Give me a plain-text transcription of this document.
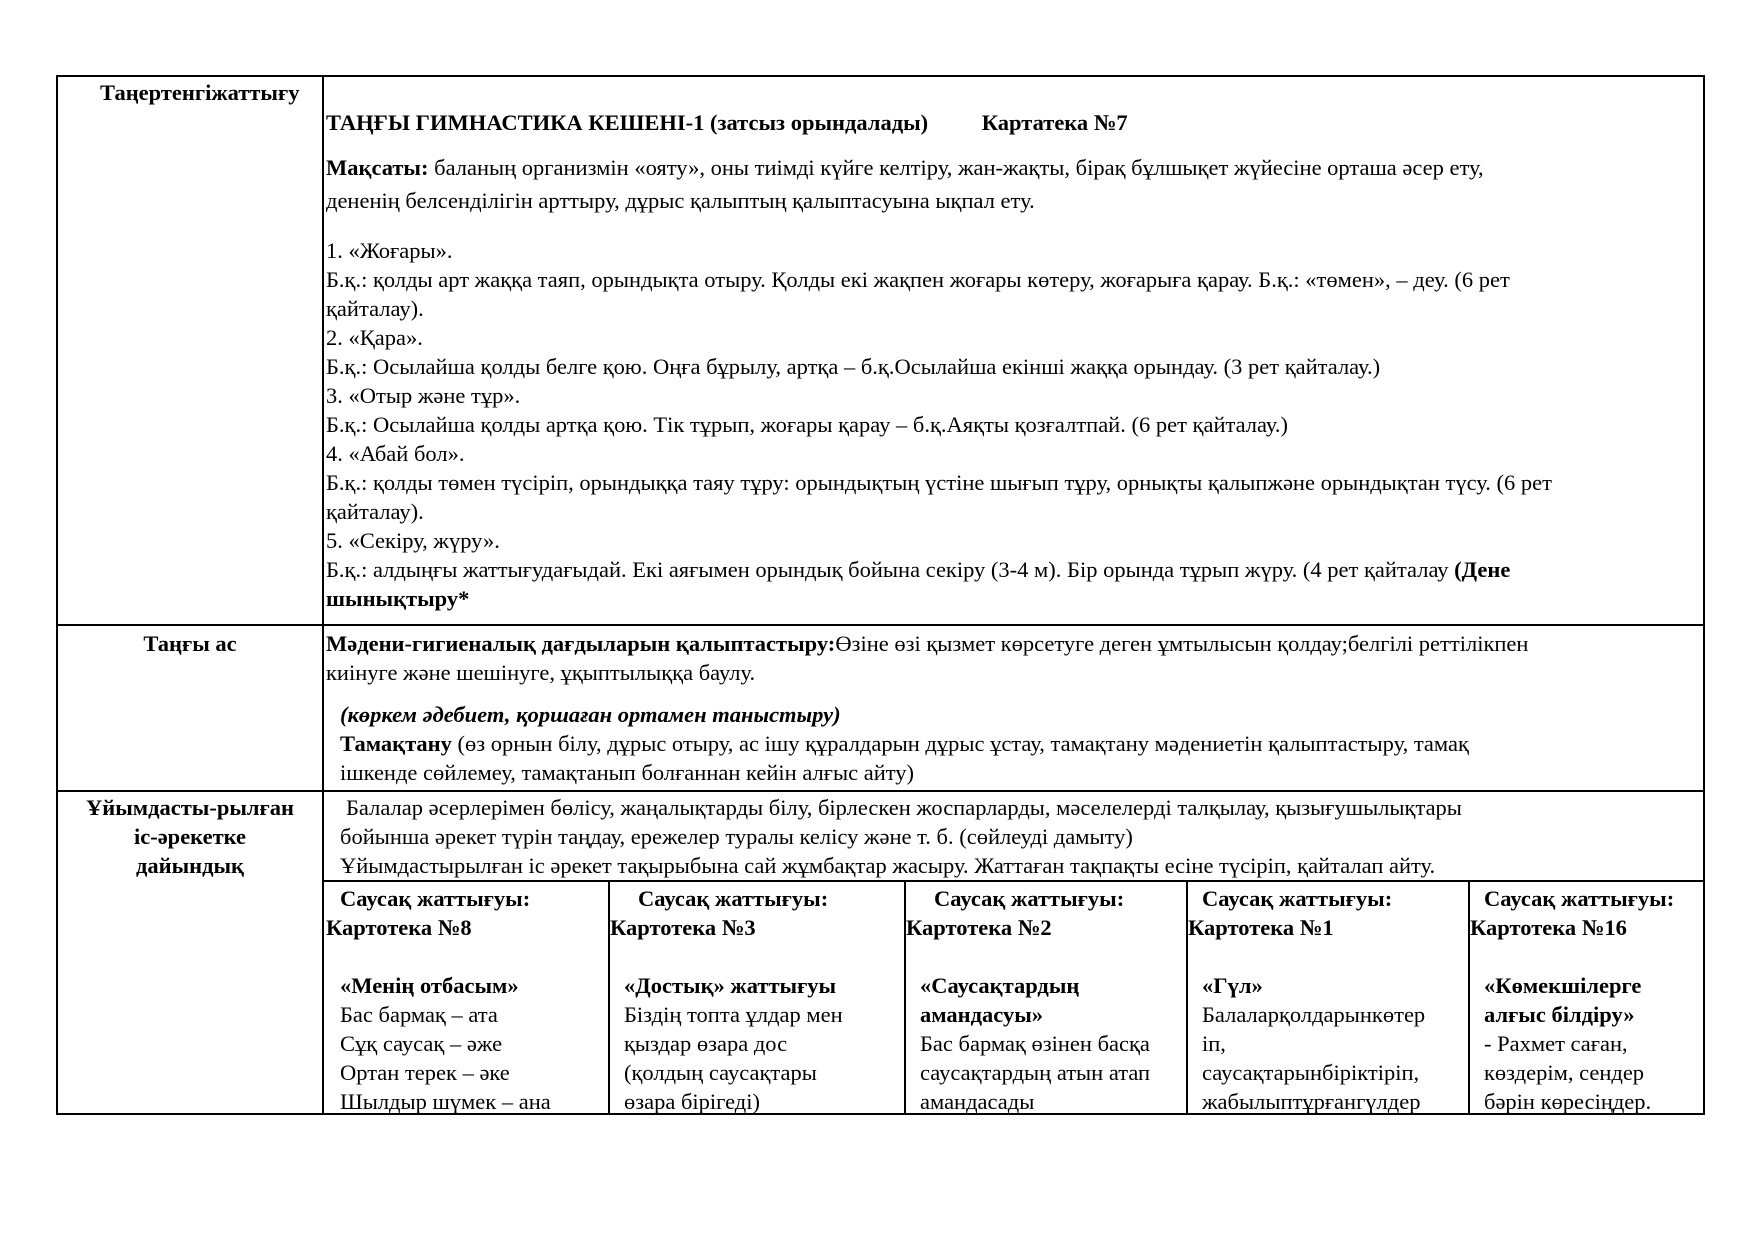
Таңертенгіжаттығу

ТАҢҒЫ ГИМНАСТИКА КЕШЕНІ-1 (затсыз орындалады) Картатека №7

Мақсаты: баланың организмін «ояту», оны тиімді күйге келтіру, жан-жақты, бірақ бұлшықет жүйесіне орташа әсер ету,

дененің белсенділігін арттыру, дұрыс қалыптың қалыптасуына ықпал ету.

1. «Жоғары».

Б.қ.: қолды арт жаққа таяп, орындықта отыру. Қолды екі жақпен жоғары көтеру, жоғарыға қарау. Б.қ.: «төмен», – деу. (6 рет

қайталау).

2. «Қара».

Б.қ.: Осылайша қолды белге қою. Оңға бұрылу, артқа – б.қ.Осылайша екінші жаққа орындау. (3 рет қайталау.)

3. «Отыр және тұр».

Б.қ.: Осылайша қолды артқа қою. Тік тұрып, жоғары қарау – б.қ.Аяқты қозғалтпай. (6 рет қайталау.)

4. «Абай бол».

Б.қ.: қолды төмен түсіріп, орындыққа таяу тұру: орындықтың үстіне шығып тұру, орнықты қалыпжәне орындықтан түсу. (6 рет

қайталау).

5. «Секіру, жүру».

Б.қ.: алдыңғы жаттығудағыдай. Екі аяғымен орындық бойына секіру (3-4 м). Бір орында тұрып жүру. (4 рет қайталау (Дене

шынықтыру*

Таңғы ас	Мәдени-гигиеналық дағдыларын қалыптастыру:Өзіне өзі қызмет көрсетуге деген ұмтылысын қолдау;белгілі реттілікпен

киінуге және шешінуге, ұқыптылыққа баулу.

(көркем әдебиет, қоршаған ортамен таныстыру)

Тамақтану (өз орнын білу, дұрыс отыру, ас ішу құралдарын дұрыс ұстау, тамақтану мәдениетін қалыптастыру, тамақ

ішкенде сөйлемеу, тамақтанып болғаннан кейін алғыс айту)

Ұйымдасты-рылған
іс-әрекетке
дайындық

Балалар әсерлерімен бөлісу, жаңалықтарды білу, бірлескен жоспарларды, мәселелерді талқылау, қызығушылықтары

бойынша әрекет түрін таңдау, ережелер туралы келісу және т. б. (сөйлеуді дамыту)

Ұйымдастырылған іс әрекет тақырыбына сай жұмбақтар жасыру. Жаттаған тақпақты есіне түсіріп, қайталап айту.

Саусақ жаттығуы:

Картотека №8

«Менің отбасым»

Бас бармақ – ата

Сұқ саусақ – әже

Ортан терек – әке

Шылдыр шүмек – ана

Саусақ жаттығуы:

Картотека №3

«Достық» жаттығуы

Біздің топта ұлдар мен

қыздар өзара дос

(қолдың саусақтары

өзара бірігеді)

Саусақ жаттығуы:

Картотека №2

«Саусақтардың

амандасуы»

Бас бармақ өзінен басқа

саусақтардың атын атап

амандасады

Саусақ жаттығуы:

Картотека №1

«Гүл»

Балаларқолдарынкөтер

іп,

саусақтарынбіріктіріп,

жабылыптұрғангүлдер

Саусақ жаттығуы:

Картотека №16

«Көмекшілерге

алғыс білдіру»

- Рахмет саған,

көздерім, сендер

бәрін көресіңдер.
